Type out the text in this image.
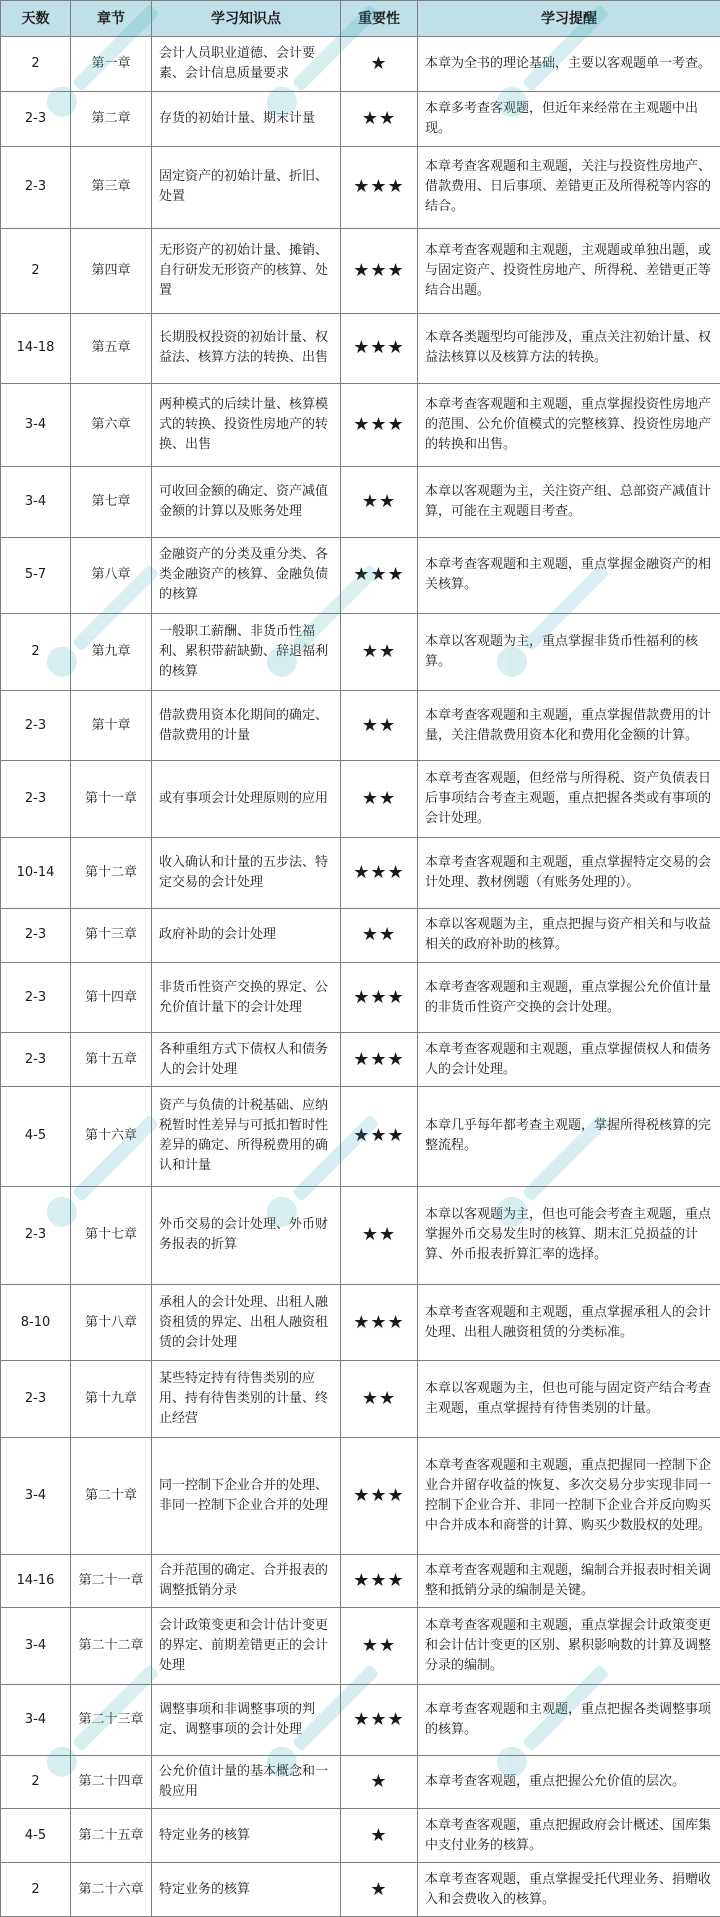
天数	章节	学习知识点	重要性	学习提醒
2	第一章	会计人员职业道德、会计要素、会计信息质量要求	★	本章为全书的理论基础，主要以客观题单一考查。
2-3	第二章	存货的初始计量、期末计量	★★	本章多考查客观题，但近年来经常在主观题中出现。
2-3	第三章	固定资产的初始计量、折旧、处置	★★★	本章考查客观题和主观题，关注与投资性房地产、借款费用、日后事项、差错更正及所得税等内容的结合。
2	第四章	无形资产的初始计量、摊销、自行研发无形资产的核算、处置	★★★	本章考查客观题和主观题，主观题或单独出题，或与固定资产、投资性房地产、所得税、差错更正等结合出题。
14-18	第五章	长期股权投资的初始计量、权益法、核算方法的转换、出售	★★★	本章各类题型均可能涉及，重点关注初始计量、权益法核算以及核算方法的转换。
3-4	第六章	两种模式的后续计量、核算模式的转换、投资性房地产的转换、出售	★★★	本章考查客观题和主观题，重点掌握投资性房地产的范围、公允价值模式的完整核算、投资性房地产的转换和出售。
3-4	第七章	可收回金额的确定、资产减值金额的计算以及账务处理	★★	本章以客观题为主，关注资产组、总部资产减值计算，可能在主观题目考查。
5-7	第八章	金融资产的分类及重分类、各类金融资产的核算、金融负债的核算	★★★	本章考查客观题和主观题，重点掌握金融资产的相关核算。
2	第九章	一般职工薪酬、非货币性福利、累积带薪缺勤、辞退福利的核算	★★	本章以客观题为主，重点掌握非货币性福利的核算。
2-3	第十章	借款费用资本化期间的确定、借款费用的计量	★★	本章考查客观题和主观题，重点掌握借款费用的计量，关注借款费用资本化和费用化金额的计算。
2-3	第十一章	或有事项会计处理原则的应用	★★	本章考查客观题，但经常与所得税、资产负债表日后事项结合考查主观题，重点把握各类或有事项的会计处理。
10-14	第十二章	收入确认和计量的五步法、特定交易的会计处理	★★★	本章考查客观题和主观题，重点掌握特定交易的会计处理、教材例题（有账务处理的）。
2-3	第十三章	政府补助的会计处理	★★	本章以客观题为主，重点把握与资产相关和与收益相关的政府补助的核算。
2-3	第十四章	非货币性资产交换的界定、公允价值计量下的会计处理	★★★	本章考查客观题和主观题，重点掌握公允价值计量的非货币性资产交换的会计处理。
2-3	第十五章	各种重组方式下债权人和债务人的会计处理	★★★	本章考查客观题和主观题，重点掌握债权人和债务人的会计处理。
4-5	第十六章	资产与负债的计税基础、应纳税暂时性差异与可抵扣暂时性差异的确定、所得税费用的确认和计量	★★★	本章几乎每年都考查主观题，掌握所得税核算的完整流程。
2-3	第十七章	外币交易的会计处理、外币财务报表的折算	★★	本章以客观题为主，但也可能会考查主观题，重点掌握外币交易发生时的核算、期末汇兑损益的计算、外币报表折算汇率的选择。
8-10	第十八章	承租人的会计处理、出租人融资租赁的界定、出租人融资租赁的会计处理	★★★	本章考查客观题和主观题，重点掌握承租人的会计处理、出租人融资租赁的分类标准。
2-3	第十九章	某些特定持有待售类别的应用、持有待售类别的计量、终止经营	★★	本章以客观题为主，但也可能与固定资产结合考查主观题，重点掌握持有待售类别的计量。
3-4	第二十章	同一控制下企业合并的处理、非同一控制下企业合并的处理	★★★	本章考查客观题和主观题，重点把握同一控制下企业合并留存收益的恢复、多次交易分步实现非同一控制下企业合并、非同一控制下企业合并反向购买中合并成本和商誉的计算、购买少数股权的处理。
14-16	第二十一章	合并范围的确定、合并报表的调整抵销分录	★★★	本章考查客观题和主观题，编制合并报表时相关调整和抵销分录的编制是关键。
3-4	第二十二章	会计政策变更和会计估计变更的界定、前期差错更正的会计处理	★★	本章考查客观题和主观题，重点掌握会计政策变更和会计估计变更的区别、累积影响数的计算及调整分录的编制。
3-4	第二十三章	调整事项和非调整事项的判定、调整事项的会计处理	★★★	本章考查客观题和主观题，重点把握各类调整事项的核算。
2	第二十四章	公允价值计量的基本概念和一般应用	★	本章考查客观题，重点把握公允价值的层次。
4-5	第二十五章	特定业务的核算	★	本章考查客观题，重点把握政府会计概述、国库集中支付业务的核算。
2	第二十六章	特定业务的核算	★	本章考查客观题，重点掌握受托代理业务、捐赠收入和会费收入的核算。
